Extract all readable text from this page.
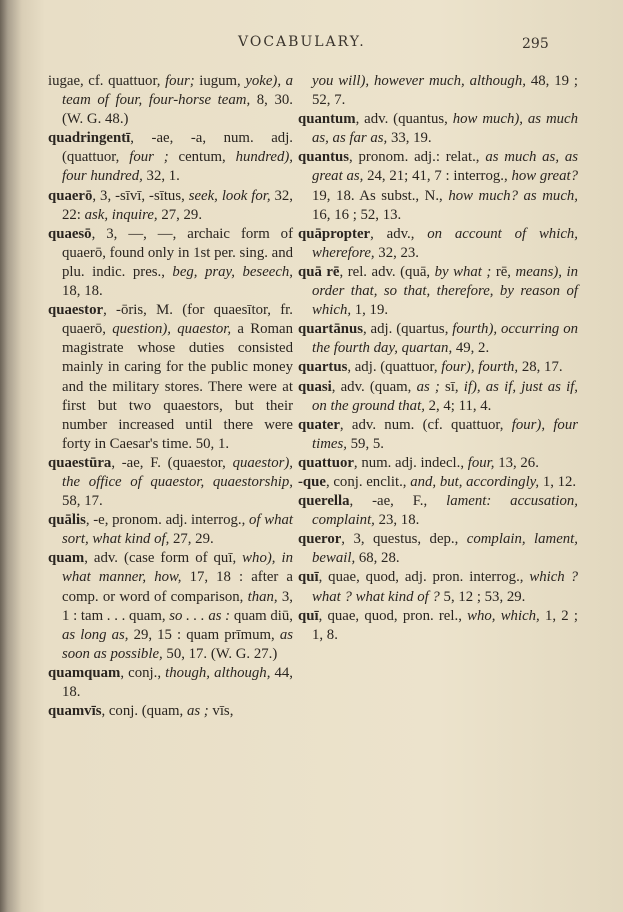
VOCABULARY.	295

iugae, cf. quattuor, four; iugum, yoke), a team of four, four-horse team, 8, 30. (W. G. 48.)

quadringentī, -ae, -a, num. adj. (quattuor, four ; centum, hundred), four hundred, 32, 1.

quaerō, 3, -sīvī, -sītus, seek, look for, 32, 22: ask, inquire, 27, 29.

quaesō, 3, —, —, archaic form of quaerō, found only in 1st per. sing. and plu. indic. pres., beg, pray, beseech, 18, 18.

quaestor, -ōris, M. (for quaesītor, fr. quaerō, question), quaestor, a Roman magistrate whose duties consisted mainly in caring for the public money and the military stores. There were at first but two quaestors, but their number increased until there were forty in Caesar's time. 50, 1.

quaestūra, -ae, F. (quaestor, quaestor), the office of quaestor, quaestorship, 58, 17.

quālis, -e, pronom. adj. interrog., of what sort, what kind of, 27, 29.

quam, adv. (case form of quī, who), in what manner, how, 17, 18 : after a comp. or word of comparison, than, 3, 1 : tam . . . quam, so . . . as : quam diū, as long as, 29, 15 : quam prīmum, as soon as possible, 50, 17. (W. G. 27.)

quamquam, conj., though, although, 44, 18.

quamvīs, conj. (quam, as ; vīs,

you will), however much, although, 48, 19 ; 52, 7.

quantum, adv. (quantus, how much), as much as, as far as, 33, 19.

quantus, pronom. adj.: relat., as much as, as great as, 24, 21; 41, 7 : interrog., how great? 19, 18. As subst., N., how much? as much, 16, 16 ; 52, 13.

quāpropter, adv., on account of which, wherefore, 32, 23.

quā rē, rel. adv. (quā, by what ; rē, means), in order that, so that, therefore, by reason of which, 1, 19.

quartānus, adj. (quartus, fourth), occurring on the fourth day, quartan, 49, 2.

quartus, adj. (quattuor, four), fourth, 28, 17.

quasi, adv. (quam, as ; sī, if), as if, just as if, on the ground that, 2, 4; 11, 4.

quater, adv. num. (cf. quattuor, four), four times, 59, 5.

quattuor, num. adj. indecl., four, 13, 26.

-que, conj. enclit., and, but, accordingly, 1, 12.

querella, -ae, F., lament: accusation, complaint, 23, 18.

queror, 3, questus, dep., complain, lament, bewail, 68, 28.

quī, quae, quod, adj. pron. interrog., which ? what ? what kind of ? 5, 12 ; 53, 29.

quī, quae, quod, pron. rel., who, which, 1, 2 ; 1, 8.
